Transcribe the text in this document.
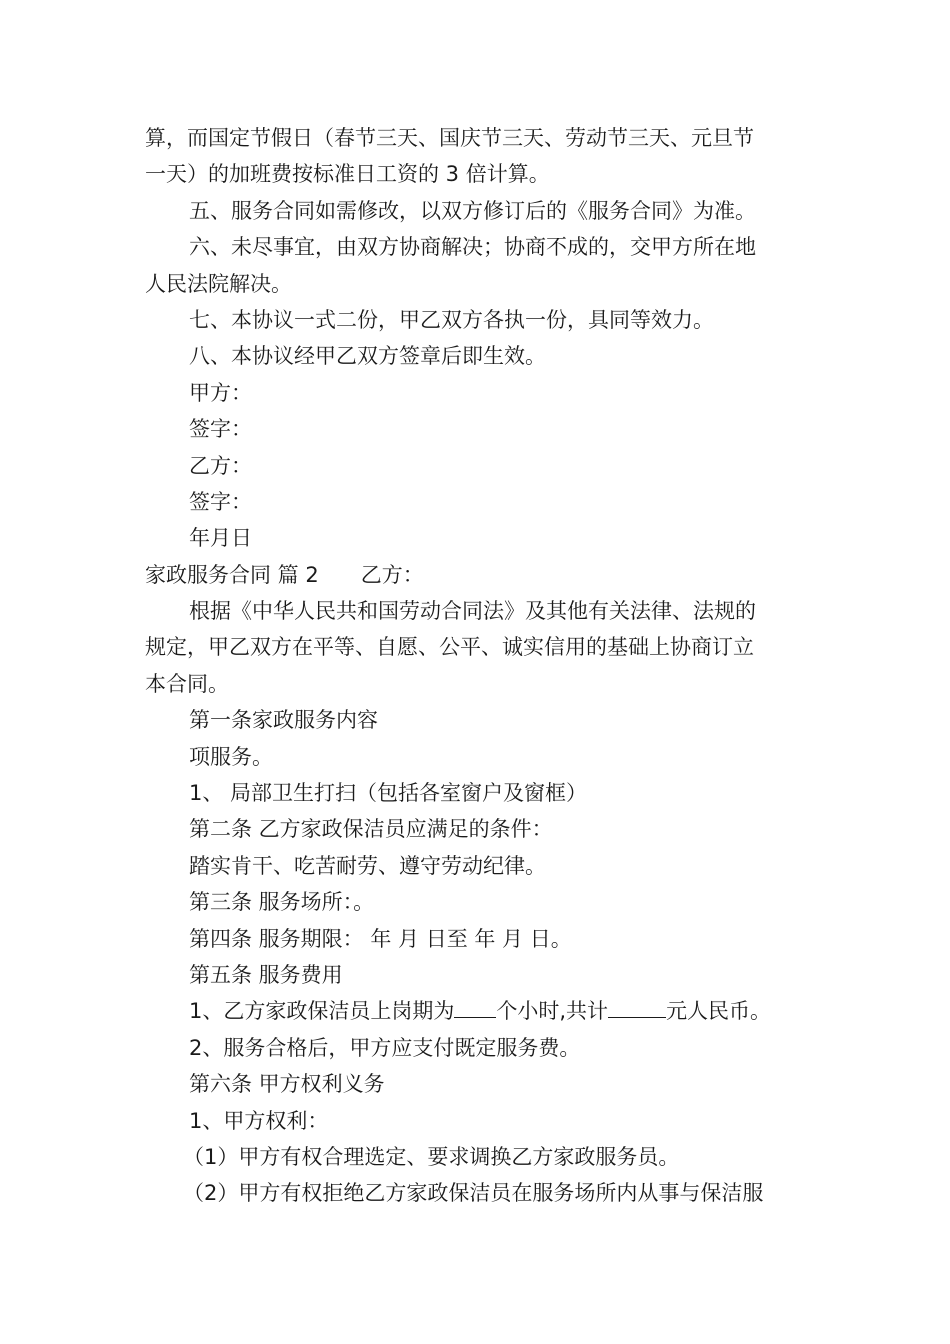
算，而国定节假日（春节三天、国庆节三天、劳动节三天、元旦节
一天）的加班费按标准日工资的 3 倍计算。
五、服务合同如需修改，以双方修订后的《服务合同》为准。
六、未尽事宜，由双方协商解决；协商不成的，交甲方所在地
人民法院解决。
七、本协议一式二份，甲乙双方各执一份，具同等效力。
八、本协议经甲乙双方签章后即生效。
甲方：
签字：
乙方：
签字：
年月日
家政服务合同 篇 2 乙方：
根据《中华人民共和国劳动合同法》及其他有关法律、法规的
规定，甲乙双方在平等、自愿、公平、诚实信用的基础上协商订立
本合同。
第一条家政服务内容
项服务。
1、 局部卫生打扫（包括各室窗户及窗框）
第二条 乙方家政保洁员应满足的条件：
踏实肯干、吃苦耐劳、遵守劳动纪律。
第三条 服务场所：。
第四条 服务期限： 年 月 日至 年 月 日。
第五条 服务费用
1、乙方家政保洁员上岗期为 个小时,共计	元人民币。
2、服务合格后，甲方应支付既定服务费。
第六条 甲方权利义务
1、甲方权利：
（1）甲方有权合理选定、要求调换乙方家政服务员。
（2）甲方有权拒绝乙方家政保洁员在服务场所内从事与保洁服
